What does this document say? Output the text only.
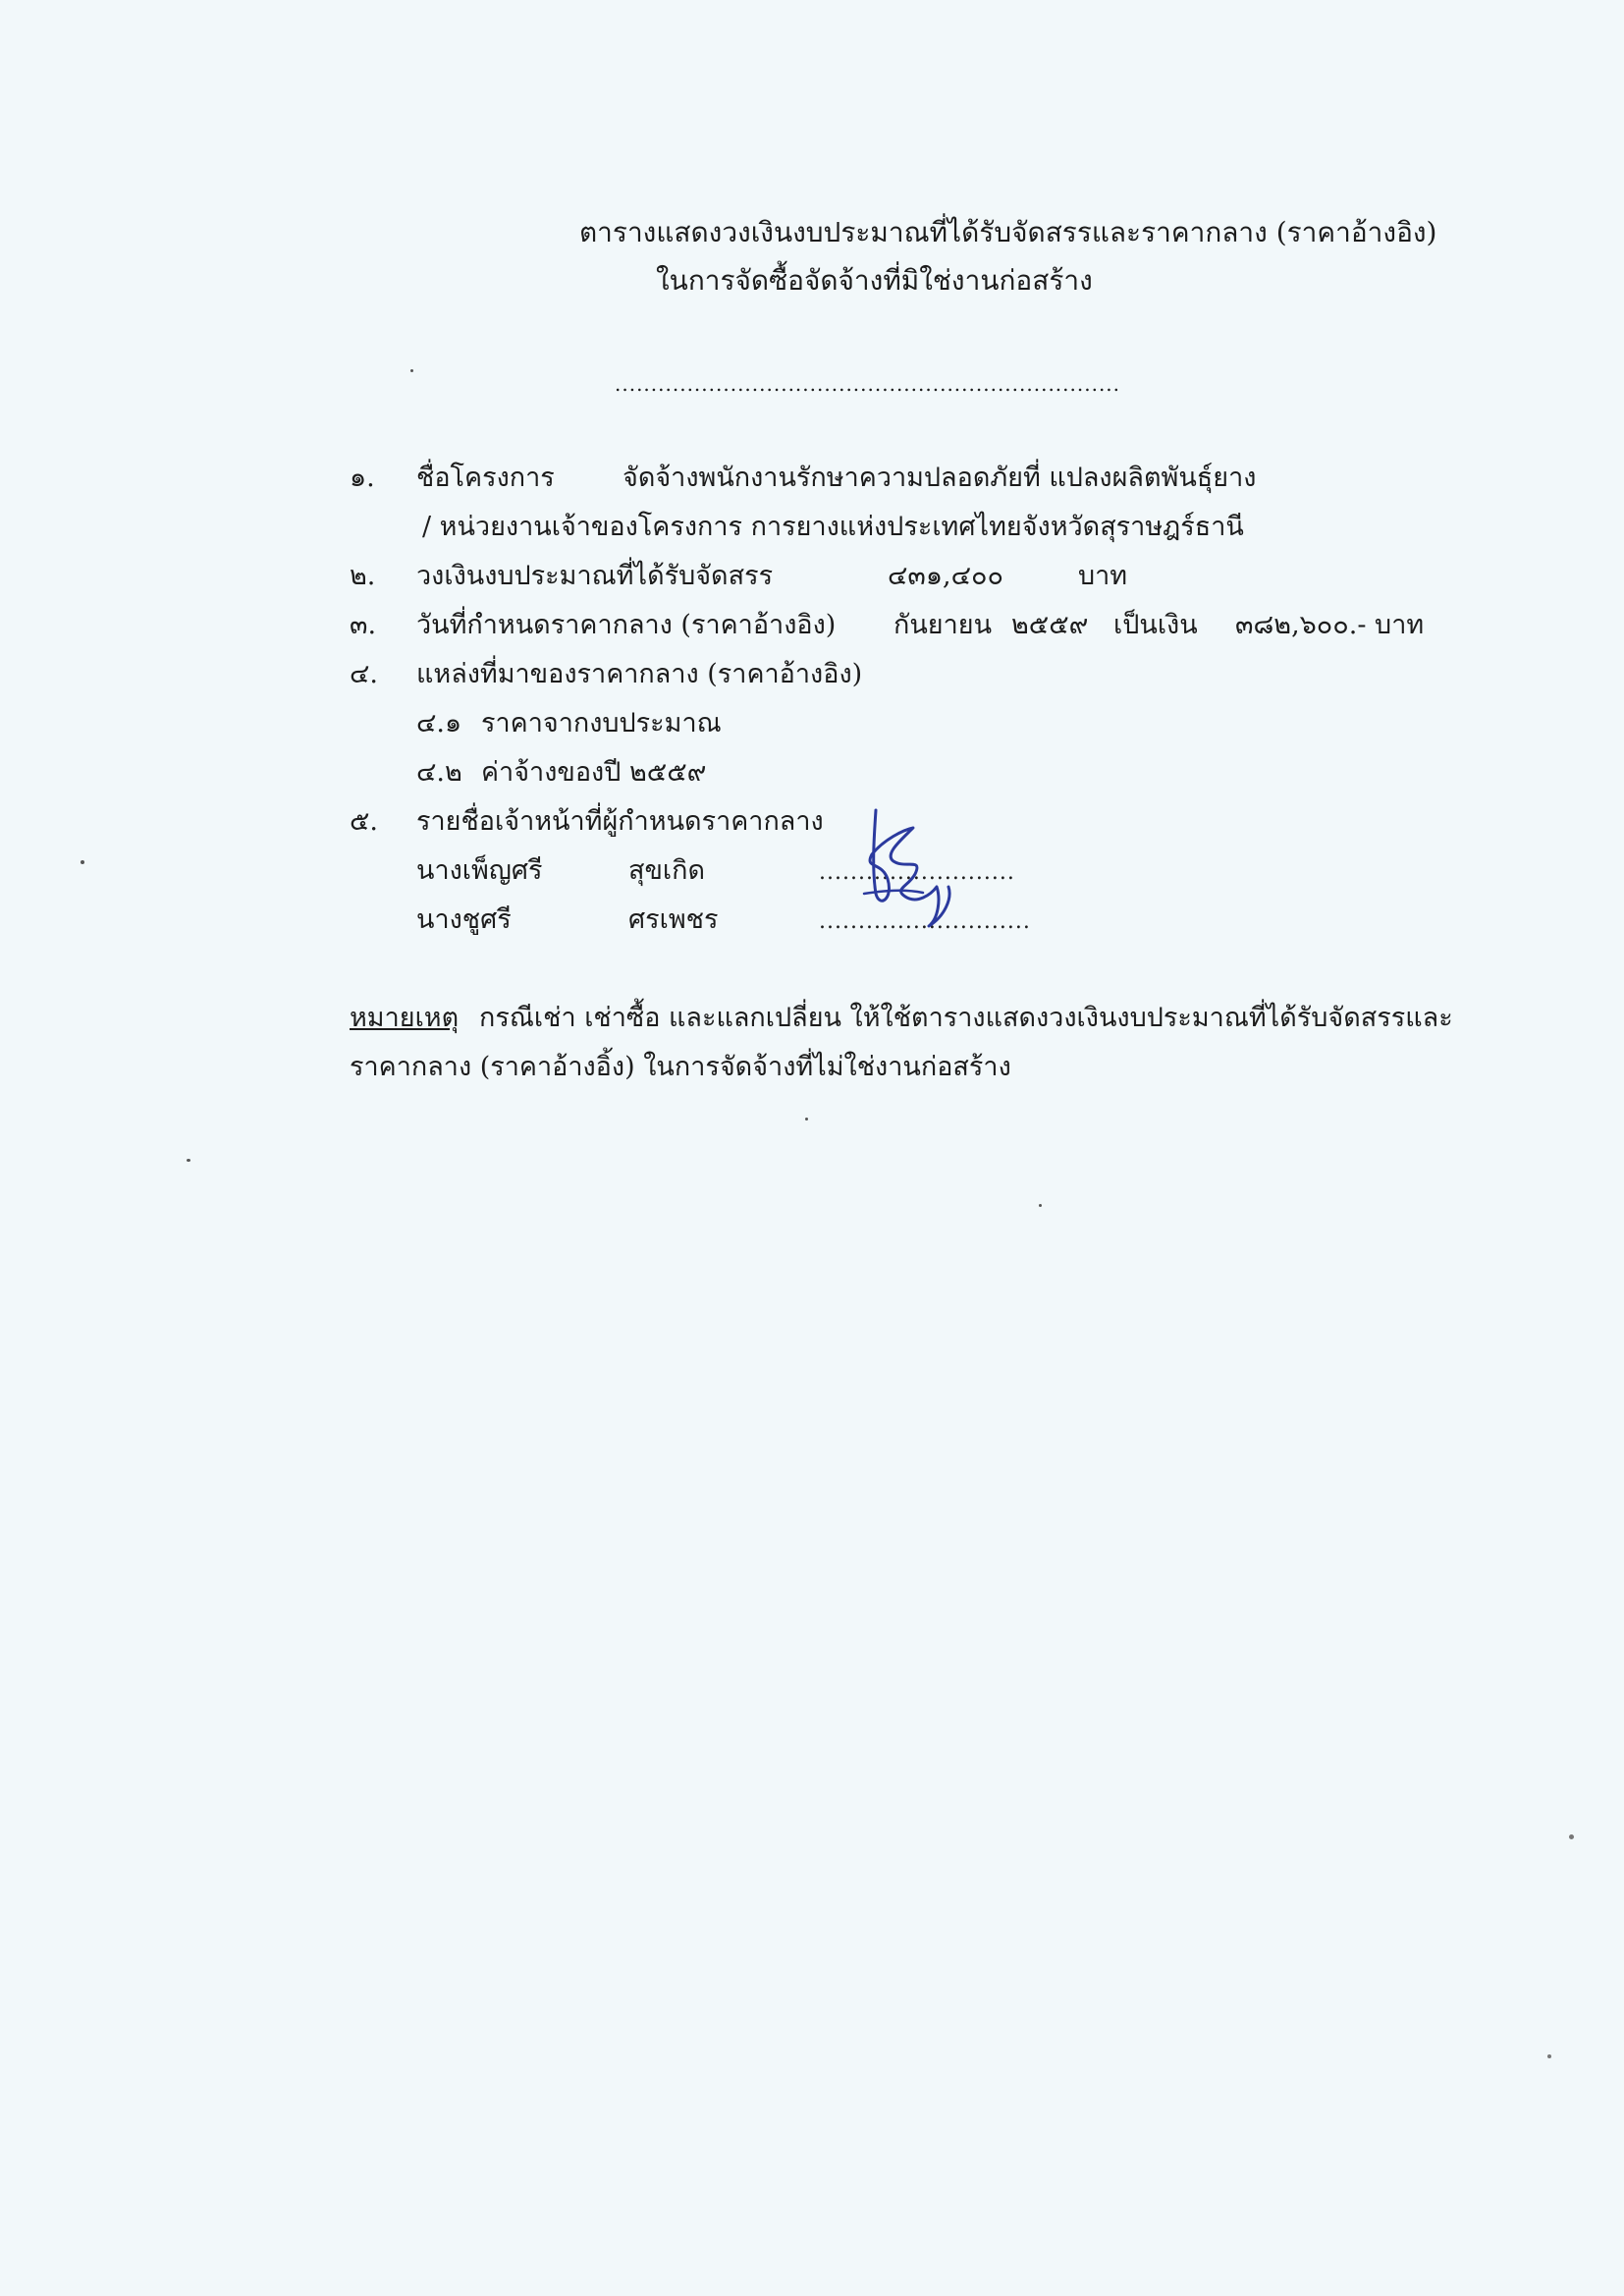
ตารางแสดงวงเงินงบประมาณที่ได้รับจัดสรรและราคากลาง (ราคาอ้างอิง)
ในการจัดซื้อจัดจ้างที่มิใช่งานก่อสร้าง
......................................................................
๑. ชื่อโครงการ	จัดจ้างพนักงานรักษาความปลอดภัยที่ แปลงผลิตพันธุ์ยาง
/ หน่วยงานเจ้าของโครงการ การยางแห่งประเทศไทยจังหวัดสุราษฎร์ธานี
๒. วงเงินงบประมาณที่ได้รับจัดสรร	๔๓๑,๔๐๐	บาท
๓. วันที่กำหนดราคากลาง (ราคาอ้างอิง) กันยายน ๒๕๕๙ เป็นเงิน ๓๘๒,๖๐๐.- บาท
๔. แหล่งที่มาของราคากลาง (ราคาอ้างอิง)
๔.๑ ราคาจากงบประมาณ
๔.๒ ค่าจ้างของปี ๒๕๕๙
๕. รายชื่อเจ้าหน้าที่ผู้กำหนดราคากลาง
นางเพ็ญศรี	สุขเกิด	.........................
นางชูศรี	ศรเพชร	...........................
หมายเหตุ กรณีเช่า เช่าซื้อ และแลกเปลี่ยน ให้ใช้ตารางแสดงวงเงินงบประมาณที่ได้รับจัดสรรและ
ราคากลาง (ราคาอ้างอิ้ง) ในการจัดจ้างที่ไม่ใช่งานก่อสร้าง
